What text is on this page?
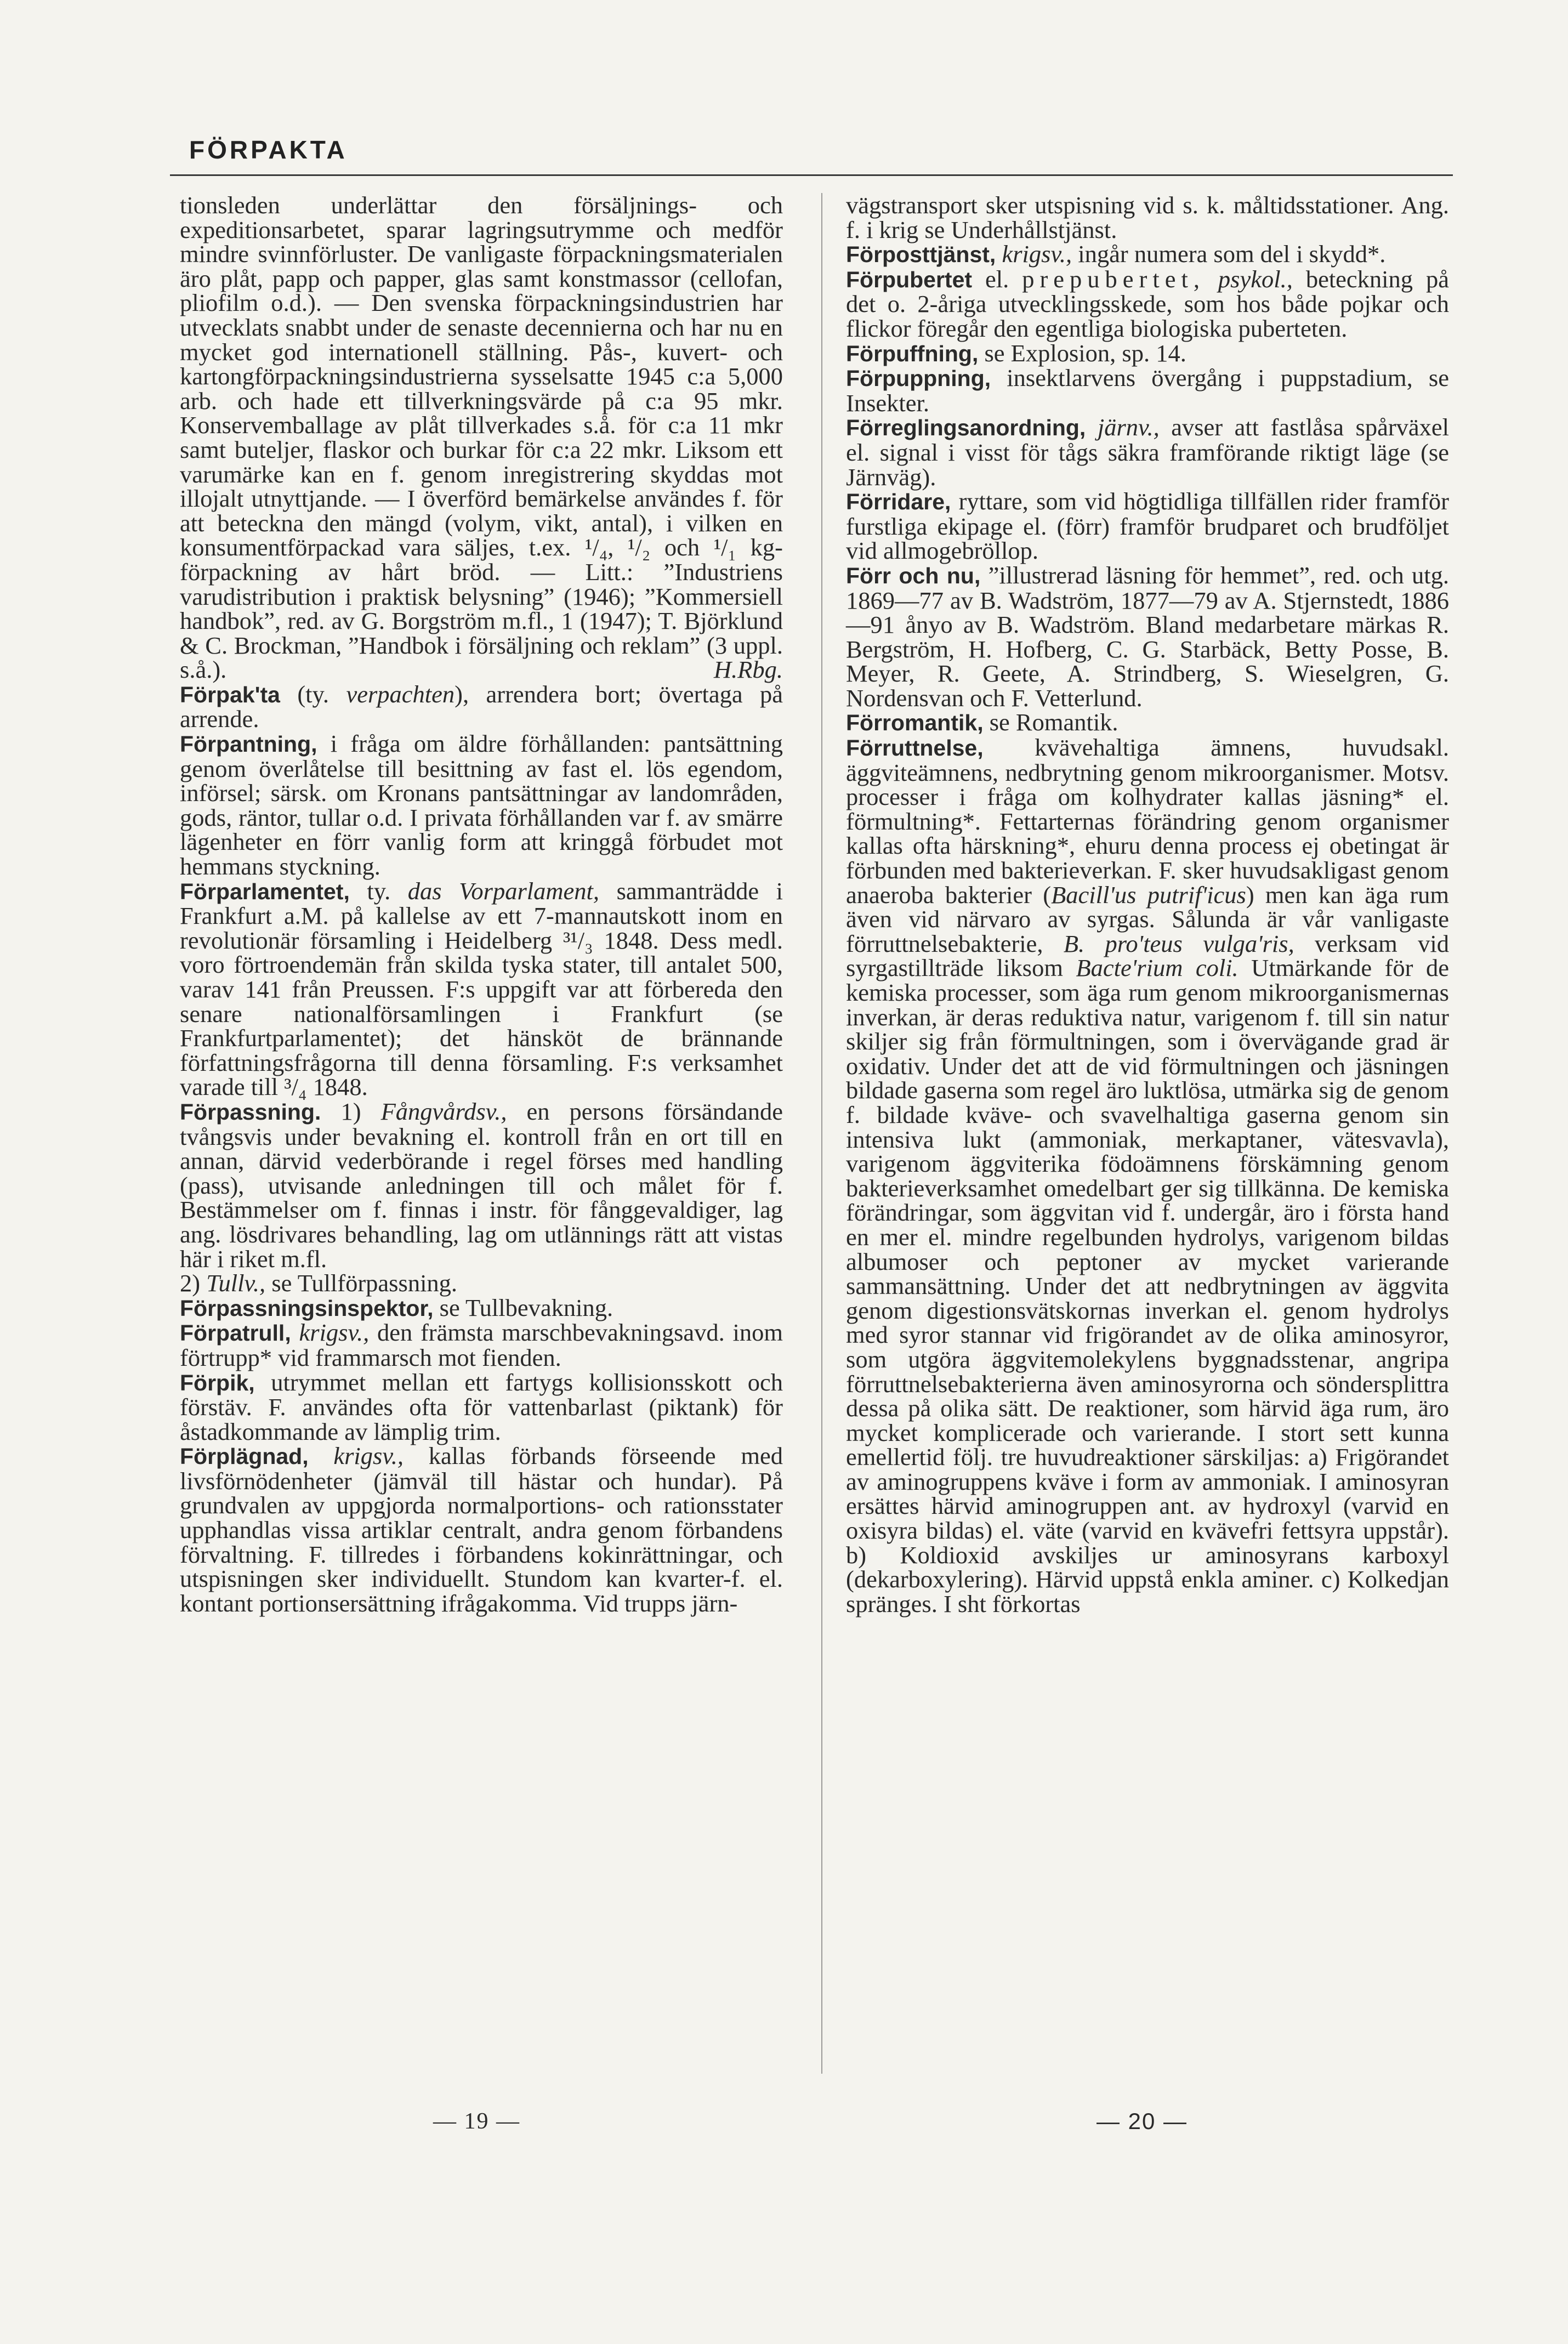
FÖRPAKTA

tionsleden underlättar den försäljnings- och expeditionsarbetet, sparar lagringsutrymme och medför mindre svinnförluster. De vanligaste förpackningsmaterialen äro plåt, papp och papper, glas samt konstmassor (cellofan, pliofilm o.d.). — Den svenska förpackningsindustrien har utvecklats snabbt under de senaste decennierna och har nu en mycket god internationell ställning. Pås-, kuvert- och kartongförpackningsindustrierna sysselsatte 1945 c:a 5,000 arb. och hade ett tillverkningsvärde på c:a 95 mkr. Konservemballage av plåt tillverkades s.å. för c:a 11 mkr samt buteljer, flaskor och burkar för c:a 22 mkr. Liksom ett varumärke kan en f. genom inregistrering skyddas mot illojalt utnyttjande. — I överförd bemärkelse användes f. för att beteckna den mängd (volym, vikt, antal), i vilken en konsumentförpackad vara säljes, t.ex. ¹/₄, ¹/₂ och ¹/₁ kg-förpackning av hårt bröd. — Litt.: ”Industriens varudistribution i praktisk belysning” (1946); ”Kommersiell handbok”, red. av G. Borgström m.fl., 1 (1947); T. Björklund & C. Brockman, ”Handbok i försäljning och reklam” (3 uppl. s.å.).	H.Rbg.

Förpak'ta (ty. verpachten), arrendera bort; övertaga på arrende.

Förpantning, i fråga om äldre förhållanden: pantsättning genom överlåtelse till besittning av fast el. lös egendom, införsel; särsk. om Kronans pantsättningar av landområden, gods, räntor, tullar o.d. I privata förhållanden var f. av smärre lägenheter en förr vanlig form att kringgå förbudet mot hemmans styckning.

Förparlamentet, ty. das Vorparlament, sammanträdde i Frankfurt a.M. på kallelse av ett 7-mannautskott inom en revolutionär församling i Heidelberg ³¹/₃ 1848. Dess medl. voro förtroendemän från skilda tyska stater, till antalet 500, varav 141 från Preussen. F:s uppgift var att förbereda den senare nationalförsamlingen i Frankfurt (se Frankfurtparlamentet); det hänsköt de brännande författningsfrågorna till denna församling. F:s verksamhet varade till ³/₄ 1848.

Förpassning. 1) Fångvårdsv., en persons försändande tvångsvis under bevakning el. kontroll från en ort till en annan, därvid vederbörande i regel förses med handling (pass), utvisande anledningen till och målet för f. Bestämmelser om f. finnas i instr. för fånggevaldiger, lag ang. lösdrivares behandling, lag om utlännings rätt att vistas här i riket m.fl.

2) Tullv., se Tullförpassning.

Förpassningsinspektor, se Tullbevakning.

Förpatrull, krigsv., den främsta marschbevakningsavd. inom förtrupp* vid frammarsch mot fienden.

Förpik, utrymmet mellan ett fartygs kollisionsskott och förstäv. F. användes ofta för vattenbarlast (piktank) för åstadkommande av lämplig trim.

Förplägnad, krigsv., kallas förbands förseende med livsförnödenheter (jämväl till hästar och hundar). På grundvalen av uppgjorda normalportions- och rationsstater upphandlas vissa artiklar centralt, andra genom förbandens förvaltning. F. tillredes i förbandens kokinrättningar, och utspisningen sker individuellt. Stundom kan kvarter-f. el. kontant portionsersättning ifrågakomma. Vid trupps järn-

vägstransport sker utspisning vid s. k. måltidsstationer. Ang. f. i krig se Underhållstjänst.

Förposttjänst, krigsv., ingår numera som del i skydd*.

Förpubertet el. prepubertet, psykol., beteckning på det o. 2-åriga utvecklingsskede, som hos både pojkar och flickor föregår den egentliga biologiska puberteten.

Förpuffning, se Explosion, sp. 14.

Förpuppning, insektlarvens övergång i puppstadium, se Insekter.

Förreglingsanordning, järnv., avser att fastlåsa spårväxel el. signal i visst för tågs säkra framförande riktigt läge (se Järnväg).

Förridare, ryttare, som vid högtidliga tillfällen rider framför furstliga ekipage el. (förr) framför brudparet och brudföljet vid allmogebröllop.

Förr och nu, ”illustrerad läsning för hemmet”, red. och utg. 1869—77 av B. Wadström, 1877—79 av A. Stjernstedt, 1886—91 ånyo av B. Wadström. Bland medarbetare märkas R. Bergström, H. Hofberg, C. G. Starbäck, Betty Posse, B. Meyer, R. Geete, A. Strindberg, S. Wieselgren, G. Nordensvan och F. Vetterlund.

Förromantik, se Romantik.

Förruttnelse, kvävehaltiga ämnens, huvudsakl. äggviteämnens, nedbrytning genom mikroorganismer. Motsv. processer i fråga om kolhydrater kallas jäsning* el. förmultning*. Fettarternas förändring genom organismer kallas ofta härskning*, ehuru denna process ej obetingat är förbunden med bakterieverkan. F. sker huvudsakligast genom anaeroba bakterier (Bacill'us putrif'icus) men kan äga rum även vid närvaro av syrgas. Sålunda är vår vanligaste förruttnelsebakterie, B. pro'teus vulga'ris, verksam vid syrgastillträde liksom Bacte'rium coli. Utmärkande för de kemiska processer, som äga rum genom mikroorganismernas inverkan, är deras reduktiva natur, varigenom f. till sin natur skiljer sig från förmultningen, som i övervägande grad är oxidativ. Under det att de vid förmultningen och jäsningen bildade gaserna som regel äro luktlösa, utmärka sig de genom f. bildade kväve- och svavelhaltiga gaserna genom sin intensiva lukt (ammoniak, merkaptaner, vätesvavla), varigenom äggviterika födoämnens förskämning genom bakterieverksamhet omedelbart ger sig tillkänna. De kemiska förändringar, som äggvitan vid f. undergår, äro i första hand en mer el. mindre regelbunden hydrolys, varigenom bildas albumoser och peptoner av mycket varierande sammansättning. Under det att nedbrytningen av äggvita genom digestionsvätskornas inverkan el. genom hydrolys med syror stannar vid frigörandet av de olika aminosyror, som utgöra äggvitemolekylens byggnadsstenar, angripa förruttnelsebakterierna även aminosyrorna och söndersplittra dessa på olika sätt. De reaktioner, som härvid äga rum, äro mycket komplicerade och varierande. I stort sett kunna emellertid följ. tre huvudreaktioner särskiljas: a) Frigörandet av aminogruppens kväve i form av ammoniak. I aminosyran ersättes härvid aminogruppen ant. av hydroxyl (varvid en oxisyra bildas) el. väte (varvid en kvävefri fettsyra uppstår). b) Koldioxid avskiljes ur aminosyrans karboxyl (dekarboxylering). Härvid uppstå enkla aminer. c) Kolkedjan spränges. I sht förkortas

— 19 —	— 20 —
